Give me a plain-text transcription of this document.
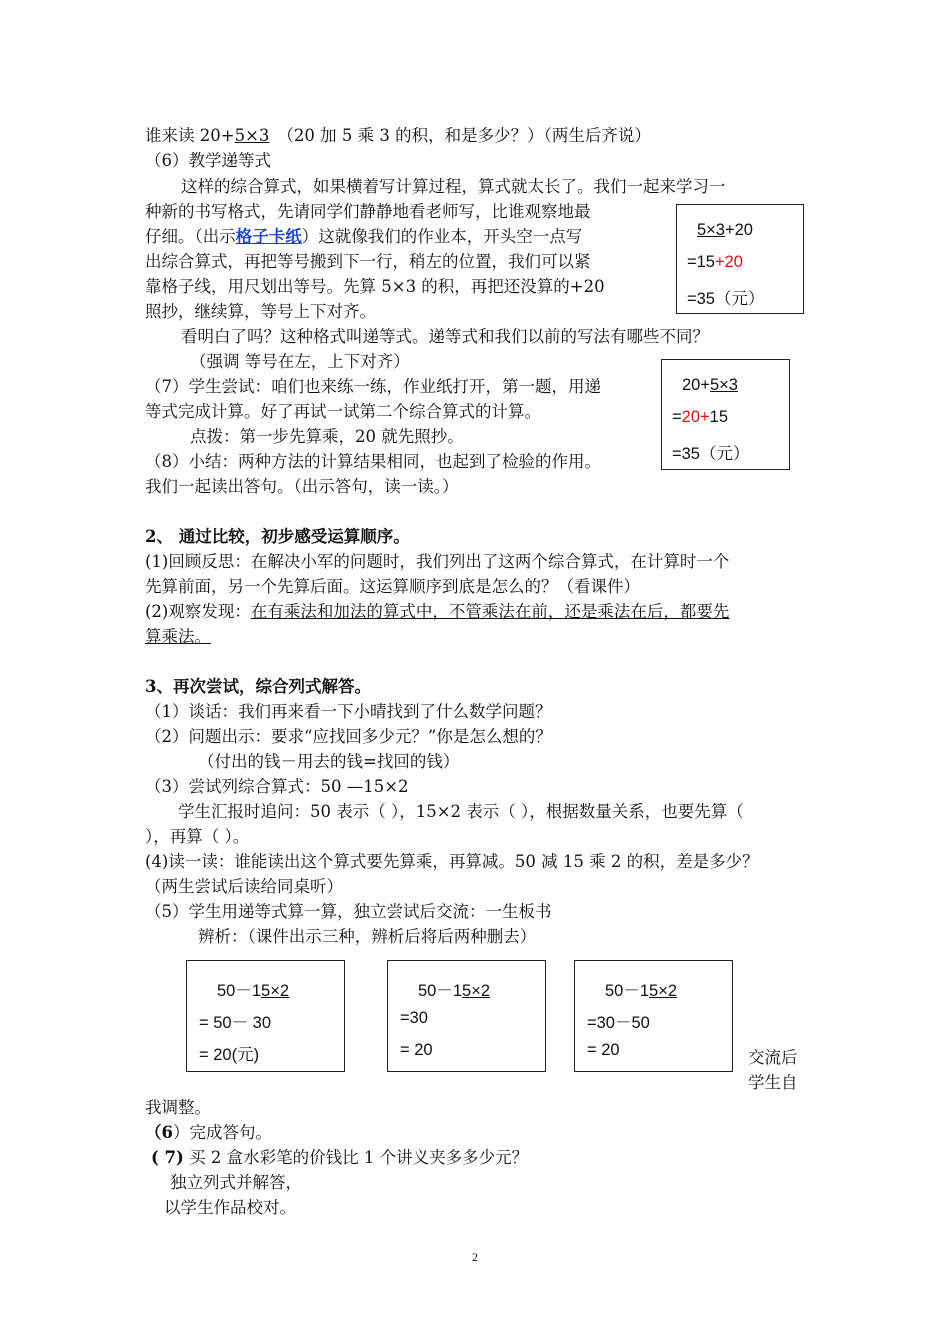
谁来读 20+5×3 （20 加 5 乘 3 的积，和是多少？）（两生后齐说）
（6）教学递等式
这样的综合算式，如果横着写计算过程，算式就太长了。我们一起来学习一
种新的书写格式，先请同学们静静地看老师写，比谁观察地最
仔细。（出示格子卡纸）这就像我们的作业本，开头空一点写
出综合算式，再把等号搬到下一行，稍左的位置，我们可以紧
靠格子线，用尺划出等号。先算 5×3 的积，再把还没算的+20
照抄，继续算，等号上下对齐。
看明白了吗？这种格式叫递等式。递等式和我们以前的写法有哪些不同？
（强调 等号在左，上下对齐）
（7）学生尝试：咱们也来练一练，作业纸打开，第一题，用递
等式完成计算。好了再试一试第二个综合算式的计算。
点拨：第一步先算乘，20 就先照抄。
（8）小结：两种方法的计算结果相同，也起到了检验的作用。
我们一起读出答句。（出示答句，读一读。）
5×3+20
=15+20
=35（元）
20+5×3
=20+15
=35（元）
2、 通过比较，初步感受运算顺序。
(1)回顾反思：在解决小军的问题时，我们列出了这两个综合算式，在计算时一个
先算前面，另一个先算后面。这运算顺序到底是怎么的？（看课件）
(2)观察发现：在有乘法和加法的算式中，不管乘法在前，还是乘法在后，都要先
算乘法。
3、再次尝试，综合列式解答。
（1）谈话：我们再来看一下小晴找到了什么数学问题？
（2）问题出示：要求“应找回多少元？”你是怎么想的？
（付出的钱－用去的钱=找回的钱）
（3）尝试列综合算式：50 —15×2
学生汇报时追问：50 表示（ ），15×2 表示（ ），根据数量关系，也要先算（
），再算（ ）。
(4)读一读：谁能读出这个算式要先算乘，再算减。50 减 15 乘 2 的积，差是多少？
（两生尝试后读给同桌听）
（5）学生用递等式算一算，独立尝试后交流：一生板书
辨析：（课件出示三种，辨析后将后两种删去）
50－15×2
= 50－ 30
= 20(元)
50－15×2
=30
= 20
50－15×2
=30－50
= 20	交流后
学生自
我调整。
（6）完成答句。
( 7) 买 2 盒水彩笔的价钱比 1 个讲义夹多多少元？
独立列式并解答，
以学生作品校对。
2
